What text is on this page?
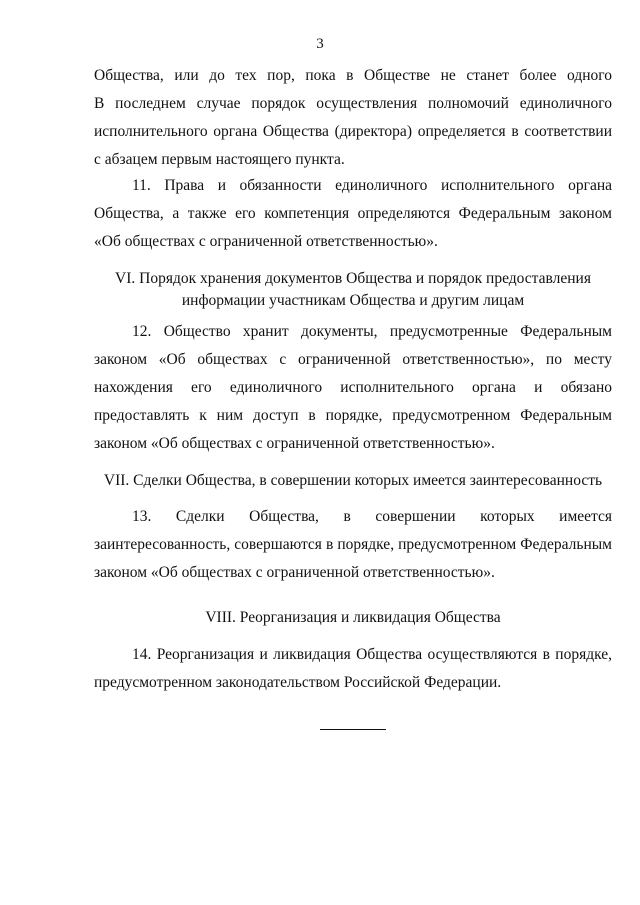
3
Общества, или до тех пор, пока в Обществе не станет более одного
В последнем случае порядок осуществления полномочий единоличного
исполнительного органа Общества (директора) определяется в соответствии
с абзацем первым настоящего пункта.
11. Права и обязанности единоличного исполнительного органа
Общества, а также его компетенция определяются Федеральным законом
«Об обществах с ограниченной ответственностью».
VI. Порядок хранения документов Общества и порядок предоставления
информации участникам Общества и другим лицам
12. Общество хранит документы, предусмотренные Федеральным
законом «Об обществах с ограниченной ответственностью», по месту
нахождения его единоличного исполнительного органа и обязано
предоставлять к ним доступ в порядке, предусмотренном Федеральным
законом «Об обществах с ограниченной ответственностью».
VII. Сделки Общества, в совершении которых имеется заинтересованность
13. Сделки Общества, в совершении которых имеется
заинтересованность, совершаются в порядке, предусмотренном Федеральным
законом «Об обществах с ограниченной ответственностью».
VIII. Реорганизация и ликвидация Общества
14. Реорганизация и ликвидация Общества осуществляются в порядке,
предусмотренном законодательством Российской Федерации.
